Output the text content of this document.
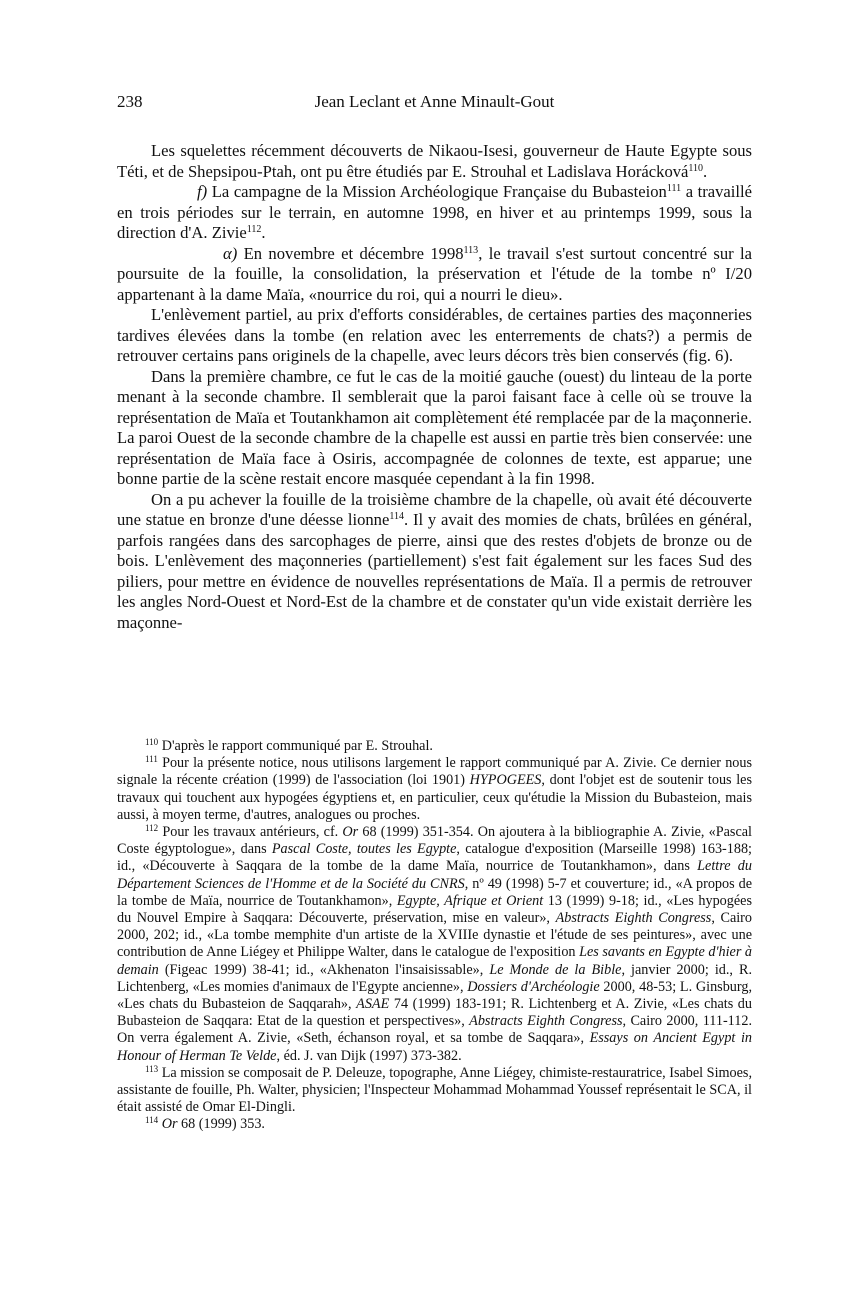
238	Jean Leclant et Anne Minault-Gout

Les squelettes récemment découverts de Nikaou-Isesi, gouverneur de Haute Egypte sous Téti, et de Shepsipou-Ptah, ont pu être étudiés par E. Strouhal et Ladislava Horácková$^{110}$.

f) La campagne de la Mission Archéologique Française du Bubasteion$^{111}$ a travaillé en trois périodes sur le terrain, en automne 1998, en hiver et au printemps 1999, sous la direction d'A. Zivie$^{112}$.

α) En novembre et décembre 1998$^{113}$, le travail s'est surtout concentré sur la poursuite de la fouille, la consolidation, la préservation et l'étude de la tombe nº I/20 appartenant à la dame Maïa, «nourrice du roi, qui a nourri le dieu».

L'enlèvement partiel, au prix d'efforts considérables, de certaines parties des maçonneries tardives élevées dans la tombe (en relation avec les enterrements de chats?) a permis de retrouver certains pans originels de la chapelle, avec leurs décors très bien conservés (fig. 6).

Dans la première chambre, ce fut le cas de la moitié gauche (ouest) du linteau de la porte menant à la seconde chambre. Il semblerait que la paroi faisant face à celle où se trouve la représentation de Maïa et Toutankhamon ait complètement été remplacée par de la maçonnerie. La paroi Ouest de la seconde chambre de la chapelle est aussi en partie très bien conservée: une représentation de Maïa face à Osiris, accompagnée de colonnes de texte, est apparue; une bonne partie de la scène restait encore masquée cependant à la fin 1998.

On a pu achever la fouille de la troisième chambre de la chapelle, où avait été découverte une statue en bronze d'une déesse lionne$^{114}$. Il y avait des momies de chats, brûlées en général, parfois rangées dans des sarcophages de pierre, ainsi que des restes d'objets de bronze ou de bois. L'enlèvement des maçonneries (partiellement) s'est fait également sur les faces Sud des piliers, pour mettre en évidence de nouvelles représentations de Maïa. Il a permis de retrouver les angles Nord-Ouest et Nord-Est de la chambre et de constater qu'un vide existait derrière les maçonne-

$^{110}$ D'après le rapport communiqué par E. Strouhal.

$^{111}$ Pour la présente notice, nous utilisons largement le rapport communiqué par A. Zivie. Ce dernier nous signale la récente création (1999) de l'association (loi 1901) HYPOGEES, dont l'objet est de soutenir tous les travaux qui touchent aux hypogées égyptiens et, en particulier, ceux qu'étudie la Mission du Bubasteion, mais aussi, à moyen terme, d'autres, analogues ou proches.

$^{112}$ Pour les travaux antérieurs, cf. Or 68 (1999) 351-354. On ajoutera à la bibliographie A. Zivie, «Pascal Coste égyptologue», dans Pascal Coste, toutes les Egypte, catalogue d'exposition (Marseille 1998) 163-188; id., «Découverte à Saqqara de la tombe de la dame Maïa, nourrice de Toutankhamon», dans Lettre du Département Sciences de l'Homme et de la Société du CNRS, nº 49 (1998) 5-7 et couverture; id., «A propos de la tombe de Maïa, nourrice de Toutankhamon», Egypte, Afrique et Orient 13 (1999) 9-18; id., «Les hypogées du Nouvel Empire à Saqqara: Découverte, préservation, mise en valeur», Abstracts Eighth Congress, Cairo 2000, 202; id., «La tombe memphite d'un artiste de la XVIIIe dynastie et l'étude de ses peintures», avec une contribution de Anne Liégey et Philippe Walter, dans le catalogue de l'exposition Les savants en Egypte d'hier à demain (Figeac 1999) 38-41; id., «Akhenaton l'insaisissable», Le Monde de la Bible, janvier 2000; id., R. Lichtenberg, «Les momies d'animaux de l'Egypte ancienne», Dossiers d'Archéologie 2000, 48-53; L. Ginsburg, «Les chats du Bubasteion de Saqqarah», ASAE 74 (1999) 183-191; R. Lichtenberg et A. Zivie, «Les chats du Bubasteion de Saqqara: Etat de la question et perspectives», Abstracts Eighth Congress, Cairo 2000, 111-112. On verra également A. Zivie, «Seth, échanson royal, et sa tombe de Saqqara», Essays on Ancient Egypt in Honour of Herman Te Velde, éd. J. van Dijk (1997) 373-382.

$^{113}$ La mission se composait de P. Deleuze, topographe, Anne Liégey, chimiste-restauratrice, Isabel Simoes, assistante de fouille, Ph. Walter, physicien; l'Inspecteur Mohammad Mohammad Youssef représentait le SCA, il était assisté de Omar El-Dingli.

$^{114}$ Or 68 (1999) 353.
